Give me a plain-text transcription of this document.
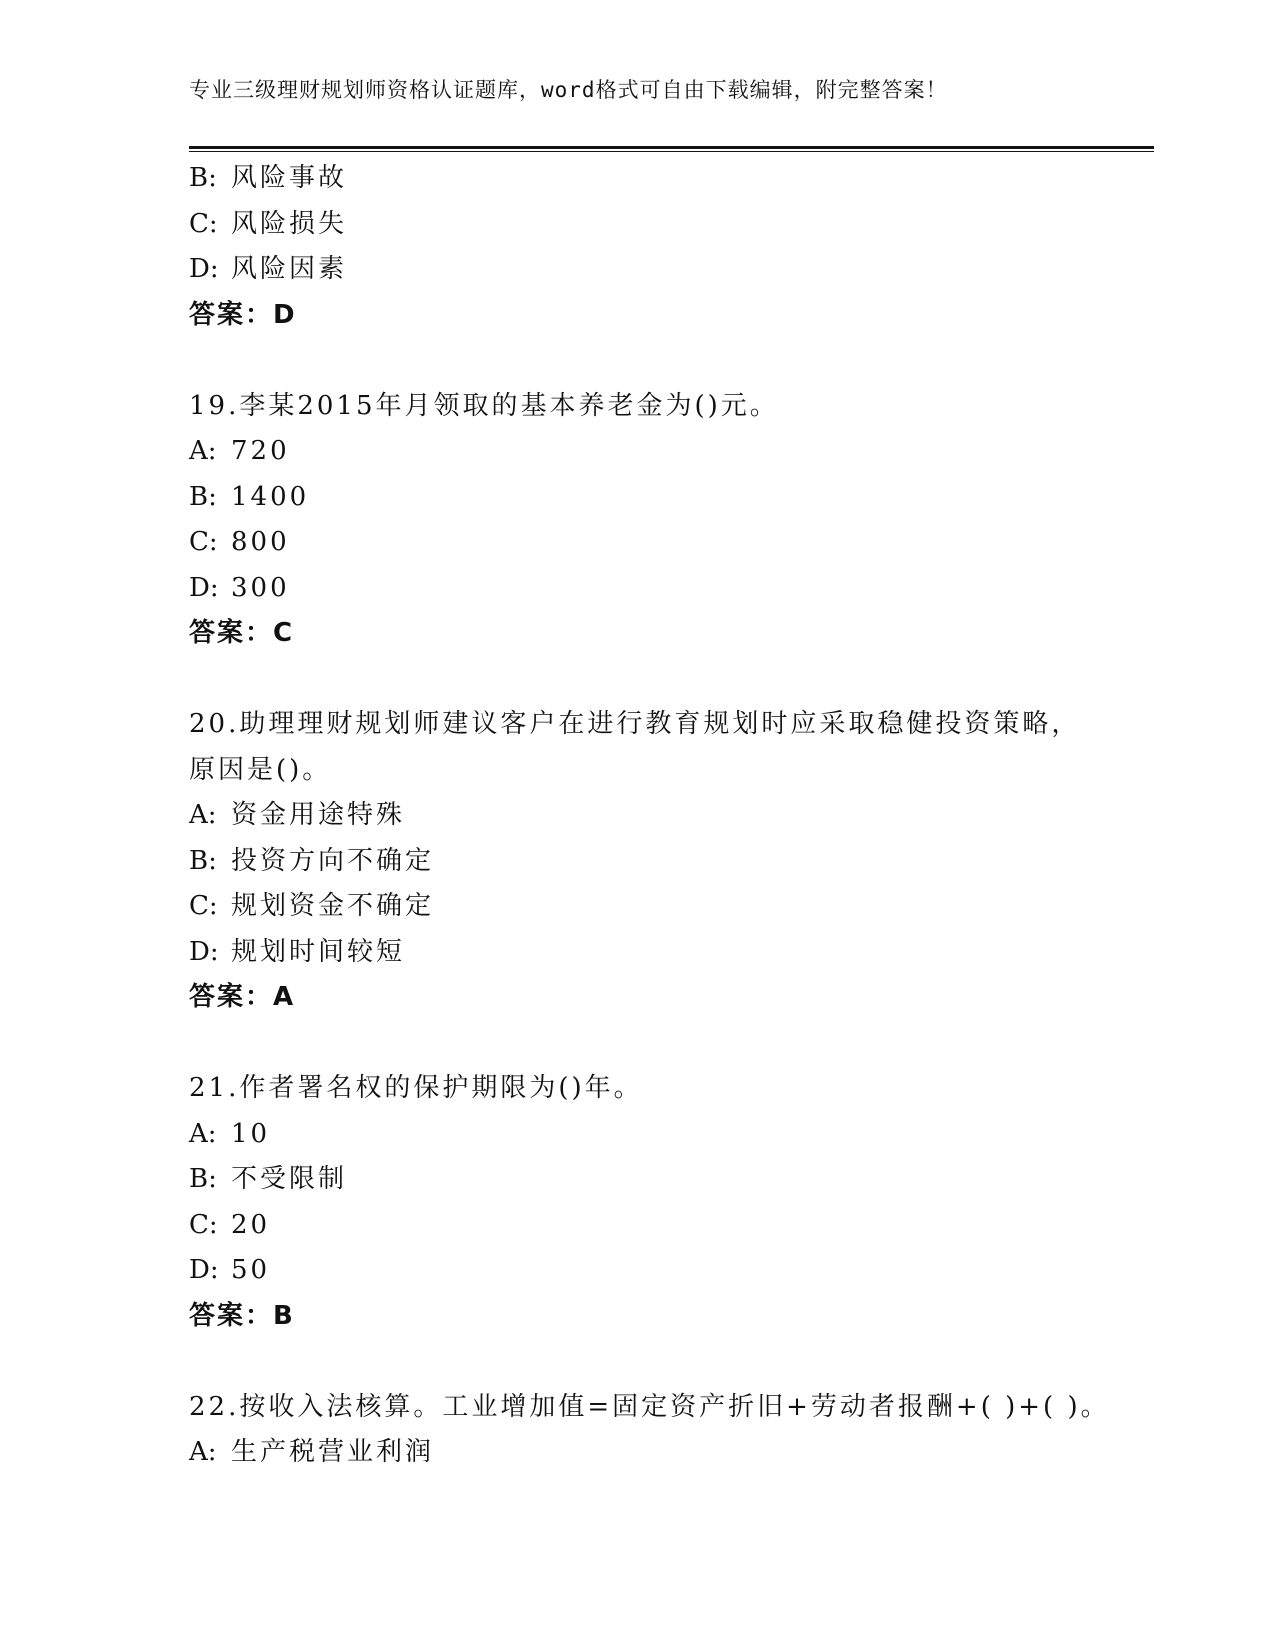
专业三级理财规划师资格认证题库，word格式可自由下载编辑，附完整答案！
B: 风险事故
C: 风险损失
D: 风险因素
答案：D
19.李某2015年月领取的基本养老金为()元。
A: 720
B: 1400
C: 800
D: 300
答案：C
20.助理理财规划师建议客户在进行教育规划时应采取稳健投资策略，
原因是()。
A: 资金用途特殊
B: 投资方向不确定
C: 规划资金不确定
D: 规划时间较短
答案：A
21.作者署名权的保护期限为()年。
A: 10
B: 不受限制
C: 20
D: 50
答案：B
22.按收入法核算。工业增加值=固定资产折旧+劳动者报酬+( )+( )。
A: 生产税营业利润
